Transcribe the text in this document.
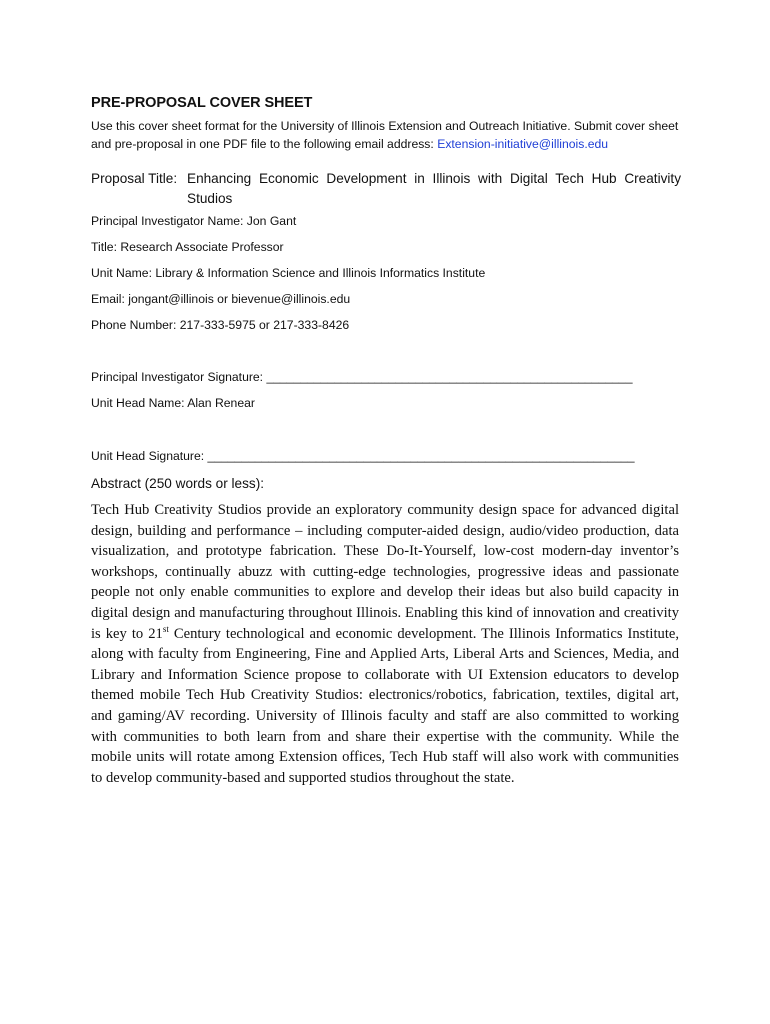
PRE-PROPOSAL COVER SHEET
Use this cover sheet format for the University of Illinois Extension and Outreach Initiative. Submit cover sheet and pre-proposal in one PDF file to the following email address: Extension-initiative@illinois.edu
Proposal Title: Enhancing Economic Development in Illinois with Digital Tech Hub Creativity Studios
Principal Investigator Name: Jon Gant
Title: Research Associate Professor
Unit Name: Library & Information Science and Illinois Informatics Institute
Email: jongant@illinois or bievenue@illinois.edu
Phone Number: 217-333-5975 or 217-333-8426
Principal Investigator Signature: ______________________________________________________
Unit Head Name: Alan Renear
Unit Head Signature: _______________________________________________________________
Abstract (250 words or less):
Tech Hub Creativity Studios provide an exploratory community design space for advanced digital design, building and performance – including computer-aided design, audio/video production, data visualization, and prototype fabrication. These Do-It-Yourself, low-cost modern-day inventor’s workshops, continually abuzz with cutting-edge technologies, progressive ideas and passionate people not only enable communities to explore and develop their ideas but also build capacity in digital design and manufacturing throughout Illinois. Enabling this kind of innovation and creativity is key to 21st Century technological and economic development. The Illinois Informatics Institute, along with faculty from Engineering, Fine and Applied Arts, Liberal Arts and Sciences, Media, and Library and Information Science propose to collaborate with UI Extension educators to develop themed mobile Tech Hub Creativity Studios: electronics/robotics, fabrication, textiles, digital art, and gaming/AV recording. University of Illinois faculty and staff are also committed to working with communities to both learn from and share their expertise with the community. While the mobile units will rotate among Extension offices, Tech Hub staff will also work with communities to develop community-based and supported studios throughout the state.
